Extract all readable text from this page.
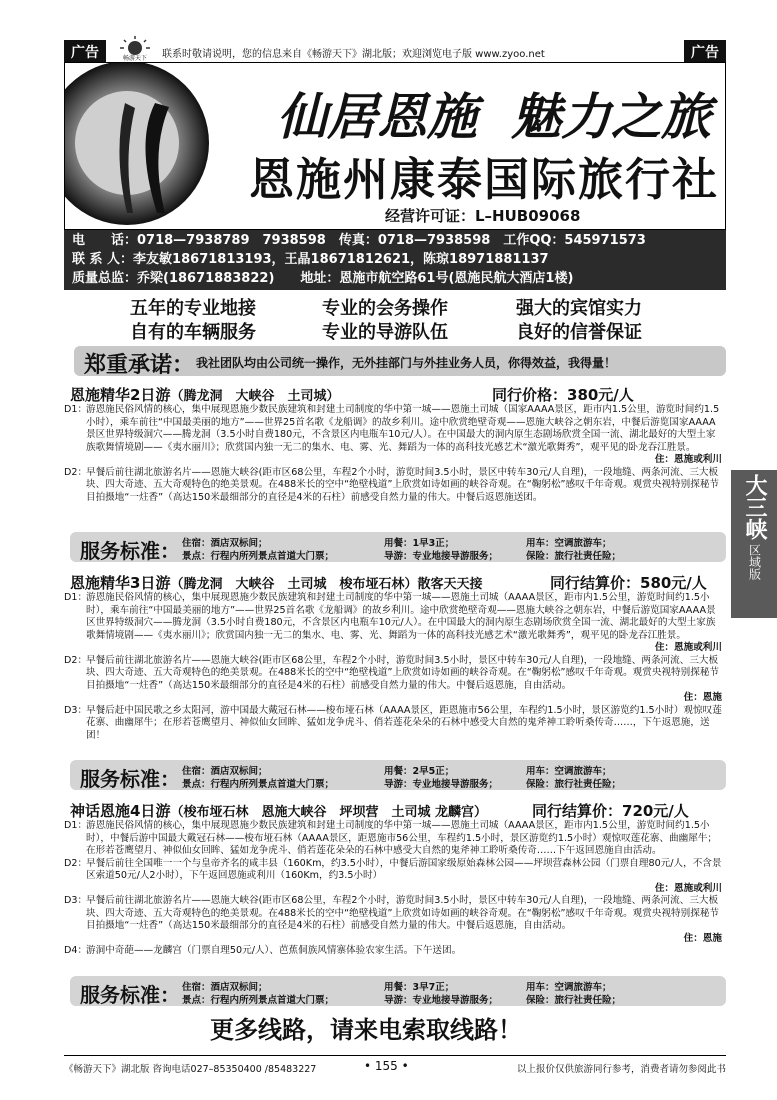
广告	广告
畅游天下 联系时敬请说明，您的信息来自《畅游天下》湖北版；欢迎浏览电子版 www.zyoo.net
仙居恩施 魅力之旅
恩施州康泰国际旅行社
经营许可证：L–HUB09068
电　　话：0718—7938789　7938598　传真：0718—7938598　工作QQ：545971573
联 系 人：李友敏18671813193，王晶18671812621，陈琼18971881137
质量总监：乔梁(18671883822)　　地址：恩施市航空路61号(恩施民航大酒店1楼)
五年的专业地接	专业的会务操作	强大的宾馆实力
自有的车辆服务	专业的导游队伍	良好的信誉保证
郑重承诺： 我社团队均由公司统一操作，无外挂部门与外挂业务人员，你得效益，我得量！
恩施精华2日游（腾龙洞　大峡谷　土司城）	同行价格：380元/人
D1：
游恩施民俗风情的核心，集中展现恩施少数民族建筑和封建土司制度的华中第一城——恩施土司城（国家AAAA景区，距市内1.5公里，游览时间约1.5小时），乘车前往“中国最美丽的地方”——世界25首名歌《龙船调》的故乡利川。途中欣赏绝壁奇观——恩施大峡谷之朝东岩，中餐后游览国家AAAA景区世界特级洞穴——腾龙洞（3.5小时自费180元，不含景区内电瓶车10元/人）。在中国最大的洞内原生态剧场欣赏全国一流、湖北最好的大型土家族歌舞情境剧——《夷水丽川》；欣赏国内独一无二的集水、电、雾、光、舞蹈为一体的高科技光感艺术“激光歌舞秀”，观平见的卧龙吞江胜景。
住：恩施或利川
D2：
早餐后前往湖北旅游名片——恩施大峡谷(距市区68公里，车程2个小时，游览时间3.5小时，景区中转车30元/人自理)，一段地缝、两条河流、三大板块、四大奇迹、五大奇观特色的绝美景观。在488米长的空中“绝壁栈道”上欣赏如诗如画的峡谷奇观。在“鞠躬松”感叹千年奇观。观赏央视特别探秘节目拍摄地“一炷香”（高达150米最细部分的直径是4米的石柱）前感受自然力量的伟大。中餐后返恩施送团。
服务标准： 住宿：酒店双标间；	用餐：1早3正；	用车：空调旅游车；
景点：行程内所列景点首道大门票；	导游：专业地接导游服务；	保险：旅行社责任险；
恩施精华3日游（腾龙洞　大峡谷　土司城　梭布垭石林）散客天天接	同行结算价：580元/人
D1：
游恩施民俗风情的核心，集中展现恩施少数民族建筑和封建土司制度的华中第一城——恩施土司城（AAAA景区，距市内1.5公里，游览时间约1.5小时），乘车前往“中国最美丽的地方”——世界25首名歌《龙船调》的故乡利川。途中欣赏绝壁奇观——恩施大峡谷之朝东岩，中餐后游览国家AAAA景区世界特级洞穴——腾龙洞（3.5小时自费180元，不含景区内电瓶车10元/人）。在中国最大的洞内原生态剧场欣赏全国一流、湖北最好的大型土家族歌舞情境剧——《夷水丽川》；欣赏国内独一无二的集水、电、雾、光、舞蹈为一体的高科技光感艺术“激光歌舞秀”，观平见的卧龙吞江胜景。
住：恩施或利川
D2：
早餐后前往湖北旅游名片——恩施大峡谷(距市区68公里，车程2个小时，游览时间3.5小时，景区中转车30元/人自理)，一段地缝、两条河流、三大板块、四大奇迹、五大奇观特色的绝美景观。在488米长的空中“绝壁栈道”上欣赏如诗如画的峡谷奇观。在“鞠躬松”感叹千年奇观。观赏央视特别探秘节目拍摄地“一炷香”（高达150米最细部分的直径是4米的石柱）前感受自然力量的伟大。中餐后返恩施，自由活动。
住：恩施
D3：
早餐后赶中国民歌之乡太阳河，游中国最大戴冠石林——梭布垭石林（AAAA景区，距恩施市56公里，车程约1.5小时，景区游览约1.5小时）观惊叹莲花寨、曲幽犀牛；在形若苍鹰望月、神似仙女回眸、猛如龙争虎斗、俏若莲花朵朵的石林中感受大自然的鬼斧神工聆听桑传奇……，下午返恩施，送团！
服务标准： 住宿：酒店双标间；	用餐：2早5正；	用车：空调旅游车；
景点：行程内所列景点首道大门票；	导游：专业地接导游服务；	保险：旅行社责任险；
神话恩施4日游（梭布垭石林　恩施大峡谷　坪坝营　土司城 龙麟宫）	同行结算价：720元/人
D1：
游恩施民俗风情的核心，集中展现恩施少数民族建筑和封建土司制度的华中第一城——恩施土司城（AAAA景区，距市内1.5公里，游览时间约1.5小时），中餐后游中国最大戴冠石林——梭布垭石林（AAAA景区，距恩施市56公里，车程约1.5小时，景区游览约1.5小时）观惊叹莲花寨、曲幽犀牛；在形若苍鹰望月、神似仙女回眸、猛如龙争虎斗、俏若莲花朵朵的石林中感受大自然的鬼斧神工聆听桑传奇……下午返回恩施自由活动。
D2：
早餐后前往全国唯一一个与皇帝齐名的咸丰县（160Km，约3.5小时），中餐后游国家级原始森林公园——坪坝营森林公园（门票自理80元/人，不含景区索道50元/人2小时），下午返回恩施或利川（160Km，约3.5小时）
住：恩施或利川
D3：
早餐后前往湖北旅游名片——恩施大峡谷(距市区68公里，车程2个小时，游览时间3.5小时，景区中转车30元/人自理)，一段地缝、两条河流、三大板块、四大奇迹、五大奇观特色的绝美景观。在488米长的空中“绝壁栈道”上欣赏如诗如画的峡谷奇观。在“鞠躬松”感叹千年奇观。观赏央视特别探秘节目拍摄地“一炷香”（高达150米最细部分的直径是4米的石柱）前感受自然力量的伟大。中餐后返恩施，自由活动。
住：恩施
D4：
游洞中奇葩——龙麟宫（门票自理50元/人）、芭蕉侗族风情寨体验农家生活。下午送团。
服务标准： 住宿：酒店双标间；	用餐：3早7正；	用车：空调旅游车；
景点：行程内所列景点首道大门票；	导游：专业地接导游服务；	保险：旅行社责任险；
更多线路，请来电索取线路！
《畅游天下》湖北版 咨询电话027–85350400 /85483227	• 155 •	以上报价仅供旅游同行参考，消费者请勿参阅此书
大三峡
区域版
